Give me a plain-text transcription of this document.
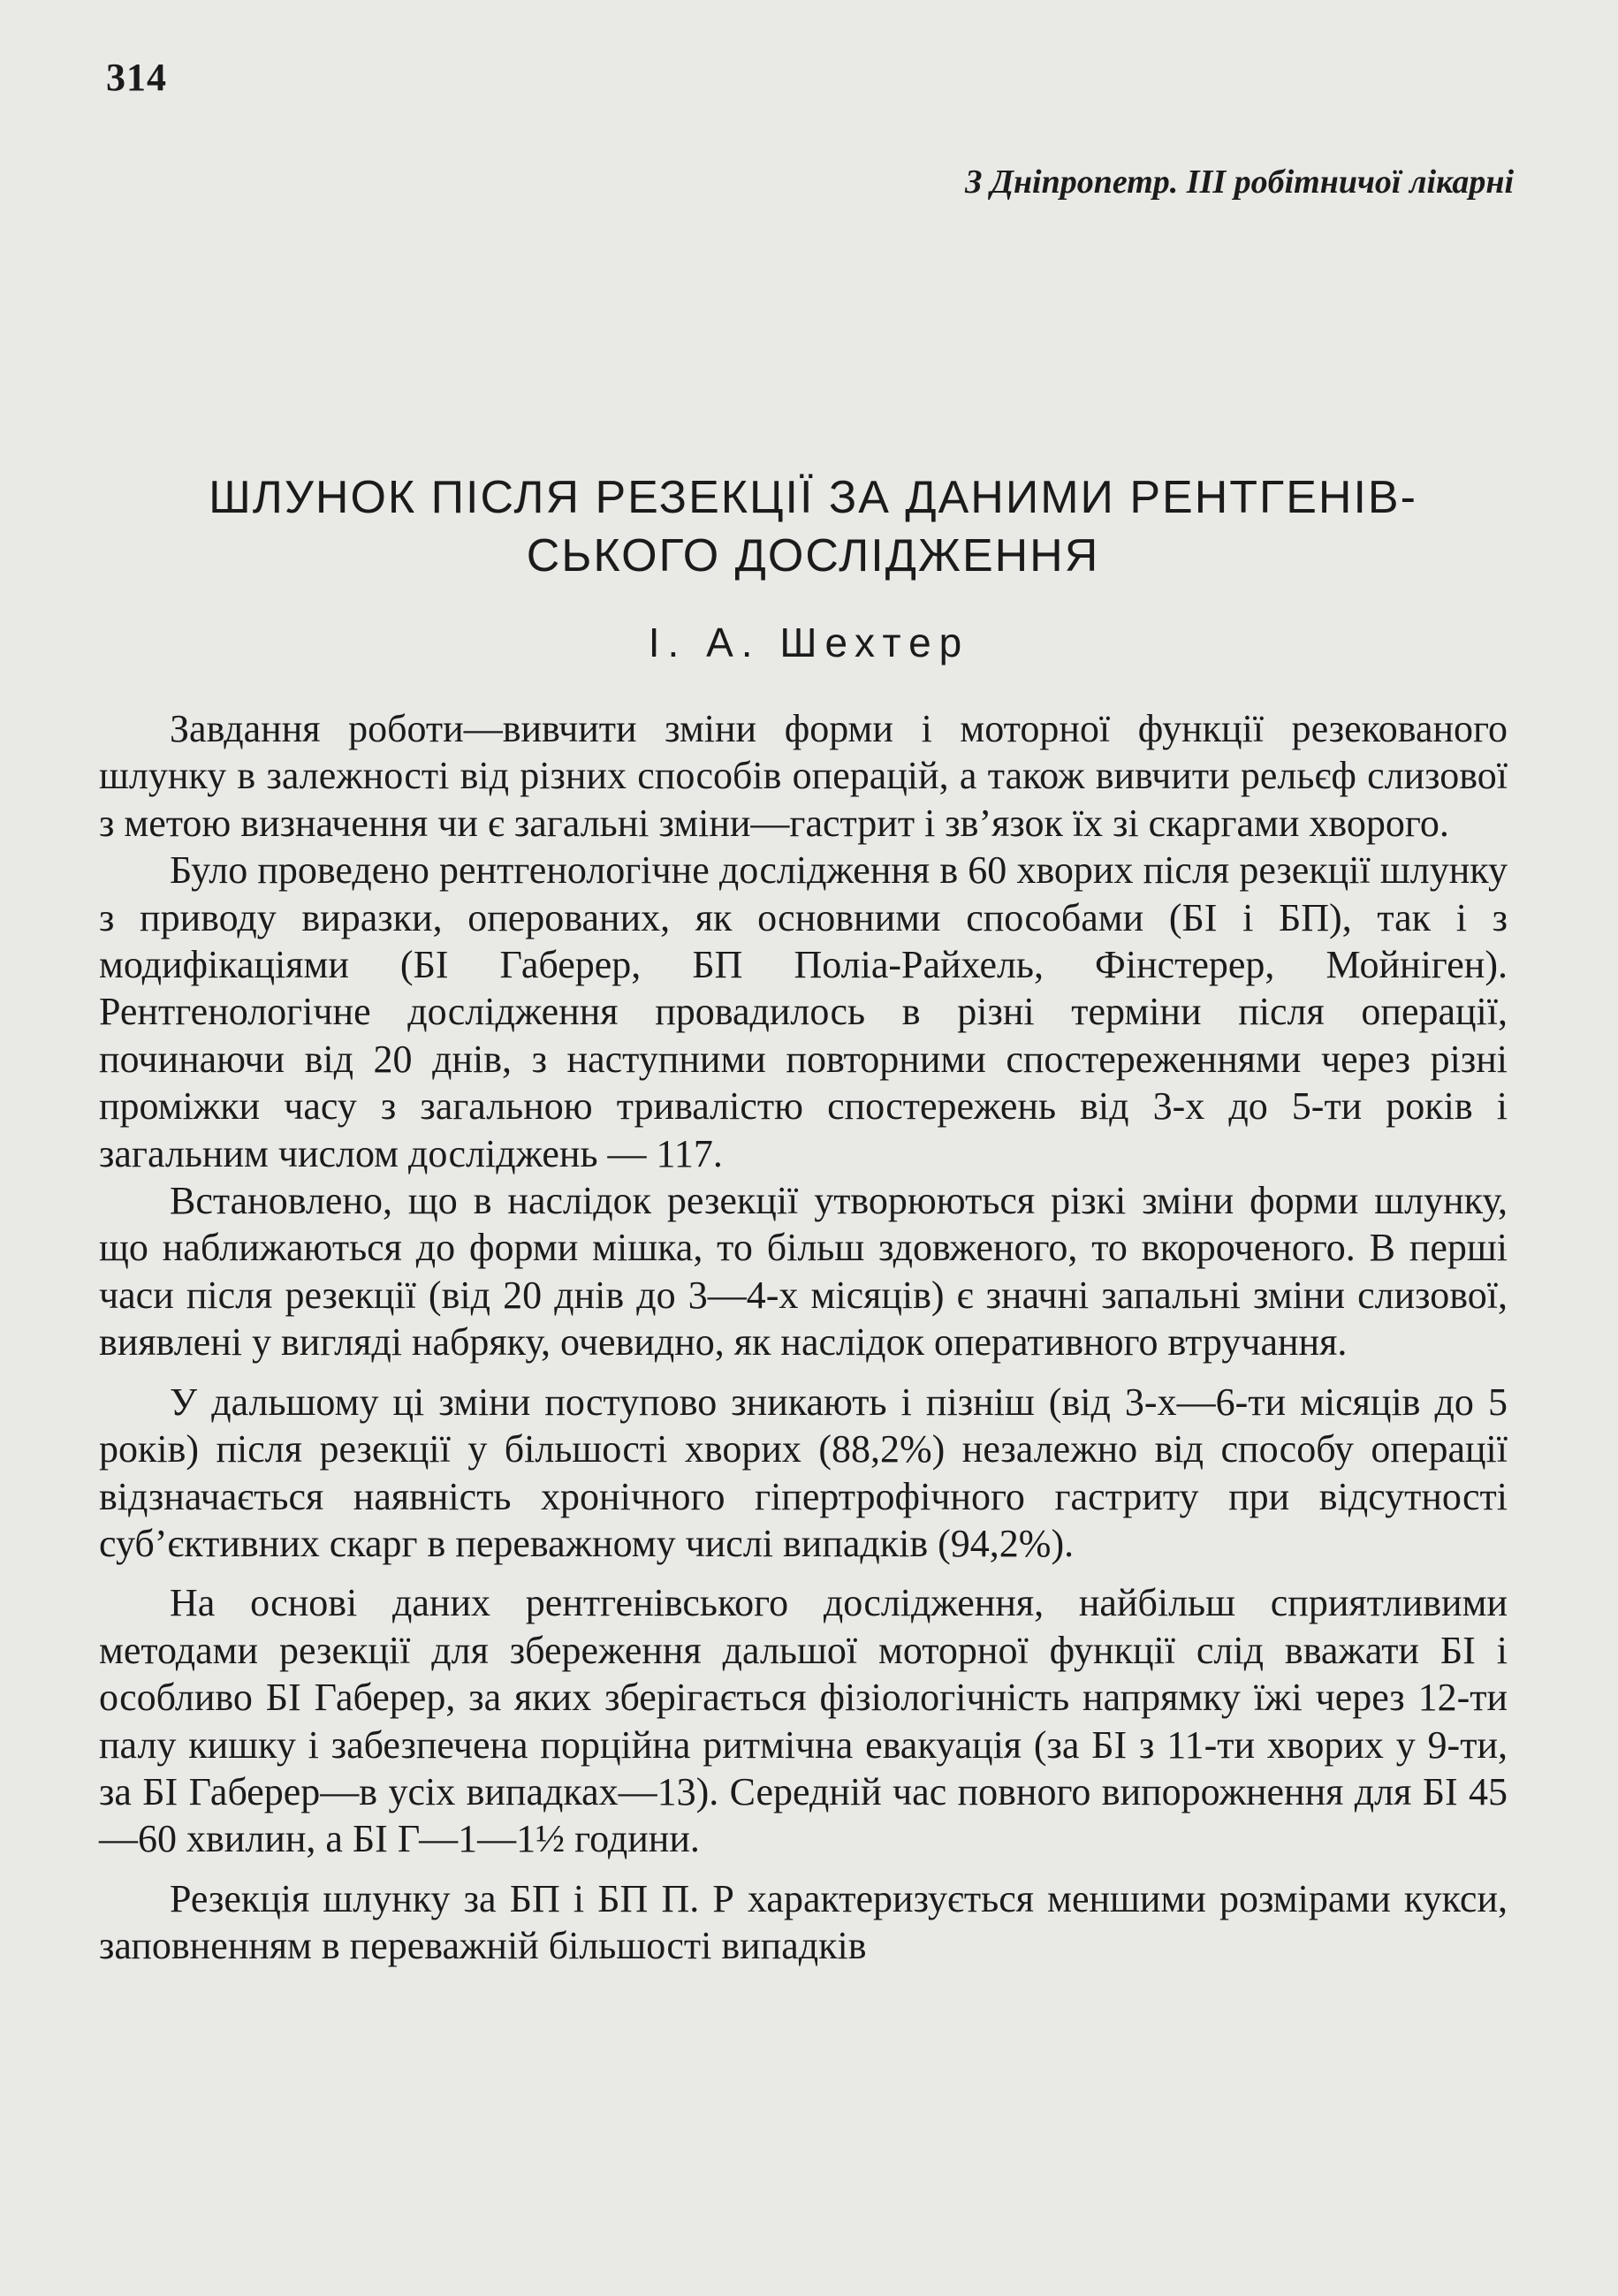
314
З Дніпропетр. III робітничої лікарні
ШЛУНОК ПІСЛЯ РЕЗЕКЦІЇ ЗА ДАНИМИ РЕНТГЕНІВ-
СЬКОГО ДОСЛІДЖЕННЯ
І. А. Шехтер

Завдання роботи—вивчити зміни форми і моторної функції резекованого шлунку в залежності від різних способів операцій, а також вивчити рельєф слизової з метою визначення чи є загальні зміни—гастрит і зв’язок їх зі скаргами хворого.

Було проведено рентгенологічне дослідження в 60 хворих після резекції шлунку з приводу виразки, оперованих, як основними способами (БІ і БП), так і з модифікаціями (БІ Габерер, БП Поліа-Райхель, Фінстерер, Мойніген). Рентгенологічне дослідження провадилось в різні терміни після операції, починаючи від 20 днів, з наступними повторними спостереженнями через різні проміжки часу з загальною тривалістю спостережень від 3-х до 5-ти років і загальним числом досліджень — 117.

Встановлено, що в наслідок резекції утворюються різкі зміни форми шлунку, що наближаються до форми мішка, то більш здовженого, то вкороченого. В перші часи після резекції (від 20 днів до 3—4-х місяців) є значні запальні зміни слизової, виявлені у вигляді набряку, очевидно, як наслідок оперативного втручання.

У дальшому ці зміни поступово зникають і пізніш (від 3-х—6-ти місяців до 5 років) після резекції у більшості хворих (88,2%) незалежно від способу операції відзначається наявність хронічного гіпертрофічного гастриту при відсутності суб’єктивних скарг в переважному числі випадків (94,2%).

На основі даних рентгенівського дослідження, найбільш сприятливими методами резекції для збереження дальшої моторної функції слід вважати БІ і особливо БІ Габерер, за яких зберігається фізіологічність напрямку їжі через 12-ти палу кишку і забезпечена порційна ритмічна евакуація (за БІ з 11-ти хворих у 9-ти, за БІ Габерер—в усіх випадках—13). Середній час повного випорожнення для БІ 45—60 хвилин, а БІ Г—1—1½ години.

Резекція шлунку за БП і БП П. Р характеризується меншими розмірами кукси, заповненням в переважній більшості випадків
